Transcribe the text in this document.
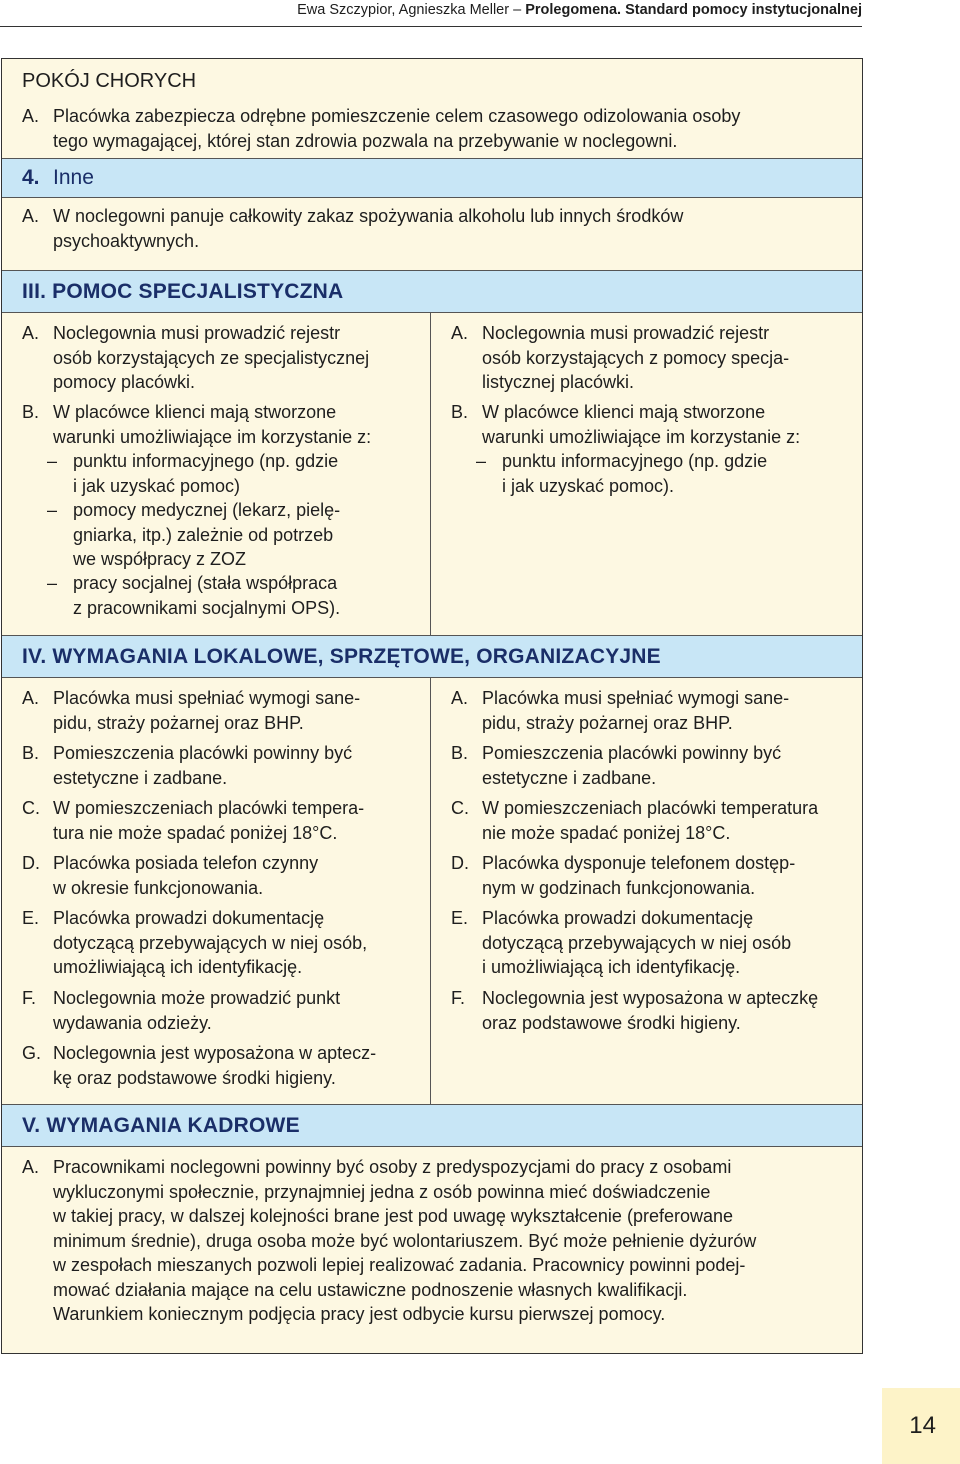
Ewa Szczypior, Agnieszka Meller – Prolegomena. Standard pomocy instytucjonalnej
POKÓJ CHORYCH
A. Placówka zabezpiecza odrębne pomieszczenie celem czasowego odizolowania osoby
tego wymagającej, której stan zdrowia pozwala na przebywanie w noclegowni.
4. Inne
A. W noclegowni panuje całkowity zakaz spożywania alkoholu lub innych środków
psychoaktywnych.
III. POMOC SPECJALISTYCZNA
A. Noclegownia musi prowadzić rejestr
osób korzystających ze specjalistycznej
pomocy placówki.
B. W placówce klienci mają stworzone
warunki umożliwiające im korzystanie z:
– punktu informacyjnego (np. gdzie
i jak uzyskać pomoc)
– pomocy medycznej (lekarz, pielę-
gniarka, itp.) zależnie od potrzeb
we współpracy z ZOZ
– pracy socjalnej (stała współpraca
z pracownikami socjalnymi OPS).
A. Noclegownia musi prowadzić rejestr
osób korzystających z pomocy specja-
listycznej placówki.
B. W placówce klienci mają stworzone
warunki umożliwiające im korzystanie z:
– punktu informacyjnego (np. gdzie
i jak uzyskać pomoc).
IV. WYMAGANIA LOKALOWE, SPRZĘTOWE, ORGANIZACYJNE
A. Placówka musi spełniać wymogi sane-
pidu, straży pożarnej oraz BHP.
B. Pomieszczenia placówki powinny być
estetyczne i zadbane.
C. W pomieszczeniach placówki tempera-
tura nie może spadać poniżej 18°C.
D. Placówka posiada telefon czynny
w okresie funkcjonowania.
E. Placówka prowadzi dokumentację
dotyczącą przebywających w niej osób,
umożliwiającą ich identyfikację.
F. Noclegownia może prowadzić punkt
wydawania odzieży.
G. Noclegownia jest wyposażona w aptecz-
kę oraz podstawowe środki higieny.
A. Placówka musi spełniać wymogi sane-
pidu, straży pożarnej oraz BHP.
B. Pomieszczenia placówki powinny być
estetyczne i zadbane.
C. W pomieszczeniach placówki temperatura
nie może spadać poniżej 18°C.
D. Placówka dysponuje telefonem dostęp-
nym w godzinach funkcjonowania.
E. Placówka prowadzi dokumentację
dotyczącą przebywających w niej osób
i umożliwiającą ich identyfikację.
F. Noclegownia jest wyposażona w apteczkę
oraz podstawowe środki higieny.
V. WYMAGANIA KADROWE
A. Pracownikami noclegowni powinny być osoby z predyspozycjami do pracy z osobami
wykluczonymi społecznie, przynajmniej jedna z osób powinna mieć doświadczenie
w takiej pracy, w dalszej kolejności brane jest pod uwagę wykształcenie (preferowane
minimum średnie), druga osoba może być wolontariuszem. Być może pełnienie dyżurów
w zespołach mieszanych pozwoli lepiej realizować zadania. Pracownicy powinni podej-
mować działania mające na celu ustawiczne podnoszenie własnych kwalifikacji.
Warunkiem koniecznym podjęcia pracy jest odbycie kursu pierwszej pomocy.
14
